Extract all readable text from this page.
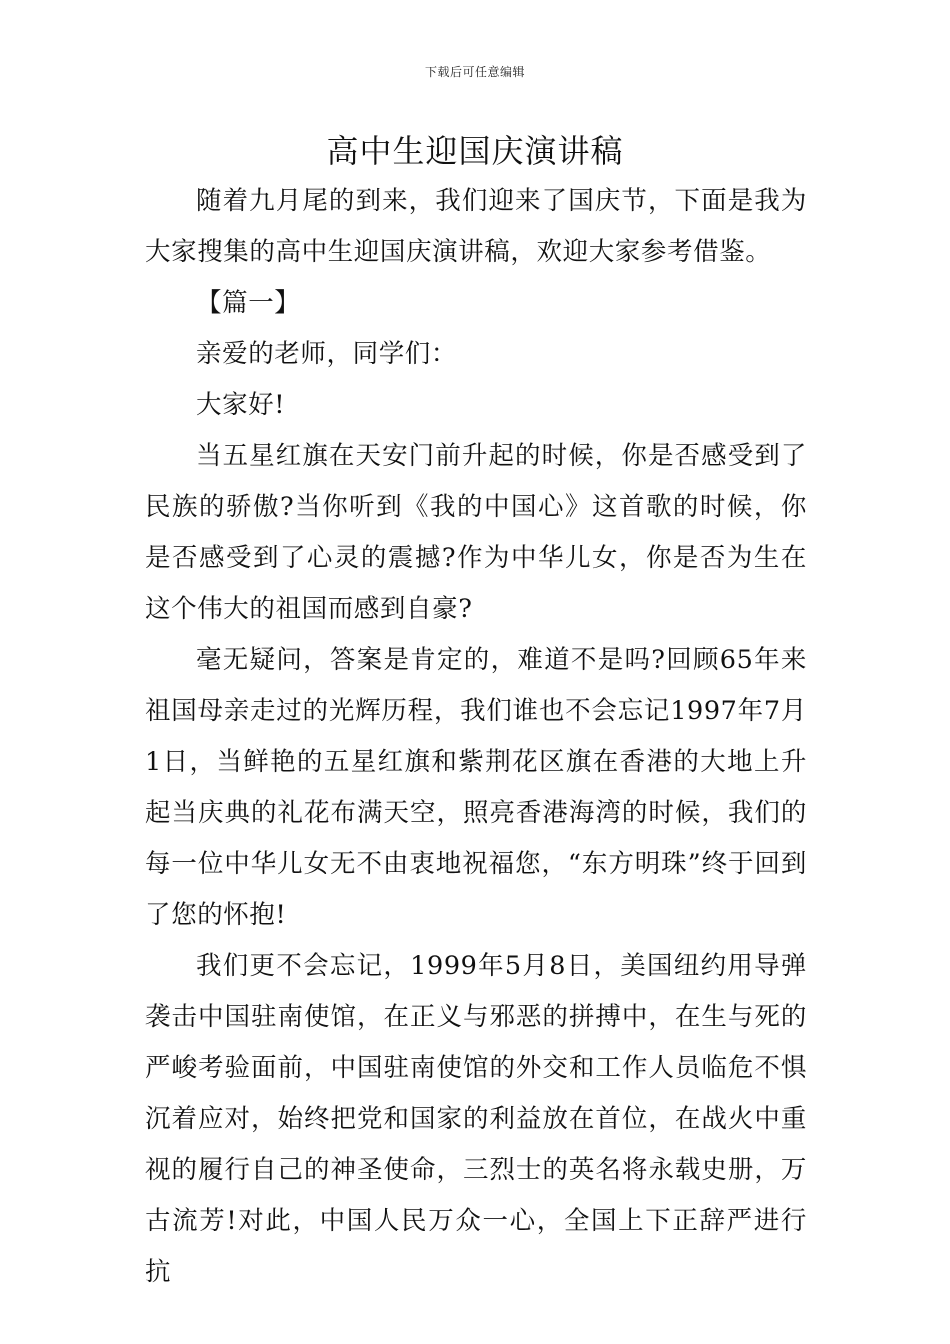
下载后可任意编辑
高中生迎国庆演讲稿

随着九月尾的到来，我们迎来了国庆节，下面是我为大家搜集的高中生迎国庆演讲稿，欢迎大家参考借鉴。

【篇一】

亲爱的老师，同学们：

大家好!

当五星红旗在天安门前升起的时候，你是否感受到了民族的骄傲?当你听到《我的中国心》这首歌的时候，你是否感受到了心灵的震撼?作为中华儿女，你是否为生在这个伟大的祖国而感到自豪?

毫无疑问，答案是肯定的，难道不是吗?回顾65年来祖国母亲走过的光辉历程，我们谁也不会忘记1997年7月1日，当鲜艳的五星红旗和紫荆花区旗在香港的大地上升起当庆典的礼花布满天空，照亮香港海湾的时候，我们的每一位中华儿女无不由衷地祝福您，“东方明珠”终于回到了您的怀抱!

我们更不会忘记，1999年5月8日，美国纽约用导弹袭击中国驻南使馆，在正义与邪恶的拼搏中，在生与死的严峻考验面前，中国驻南使馆的外交和工作人员临危不惧沉着应对，始终把党和国家的利益放在首位，在战火中重视的履行自己的神圣使命，三烈士的英名将永载史册，万古流芳!对此，中国人民万众一心，全国上下正辞严进行抗
